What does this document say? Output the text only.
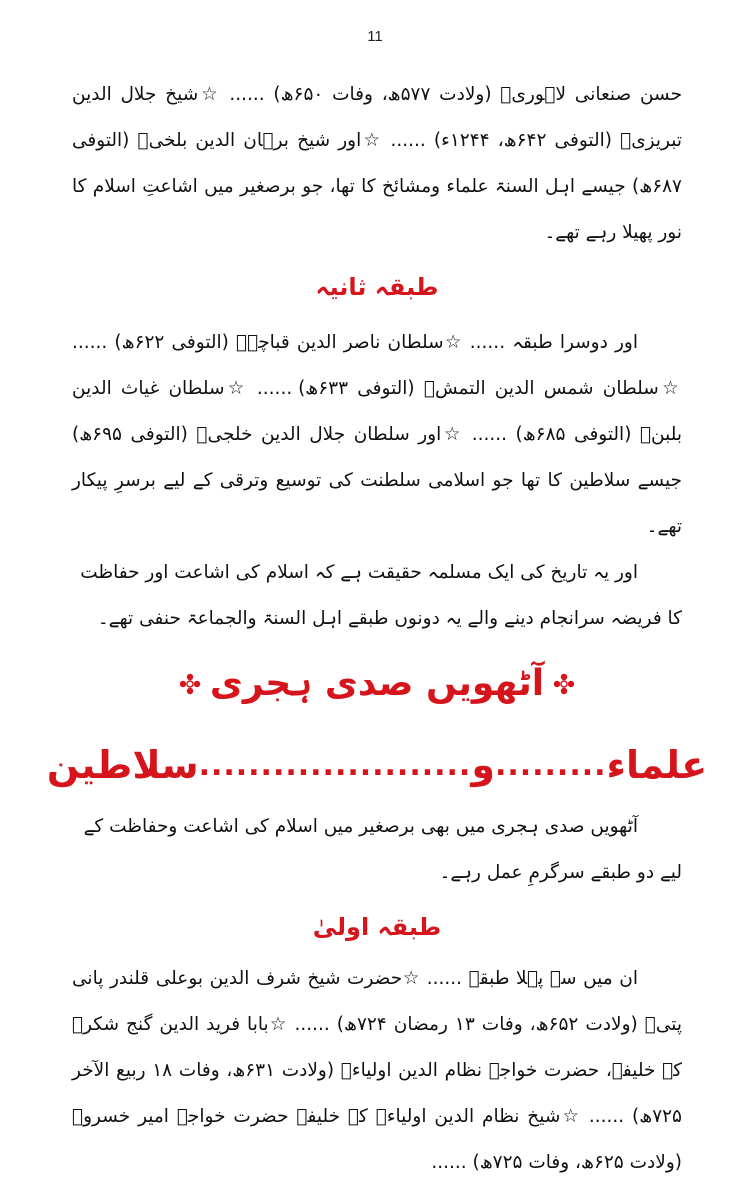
11

حسن صنعانی لاہوریؒ (ولادت ۵۷۷ھ، وفات ۶۵۰ھ) ...... ☆شیخ جلال الدین تبریزیؒ (التوفی ۶۴۲ھ، ۱۲۴۴ء) ...... ☆اور شیخ برہان الدین بلخیؒ (التوفی ۶۸۷ھ) جیسے اہل السنۃ علماء ومشائخ کا تھا، جو برصغیر میں اشاعتِ اسلام کا نور پھیلا رہے تھے۔

طبقہ ثانیہ

اور دوسرا طبقہ ...... ☆سلطان ناصر الدین قباچہؒ (التوفی ۶۲۲ھ) ...... ☆سلطان شمس الدین التمشؒ (التوفی ۶۳۳ھ) ...... ☆سلطان غیاث الدین بلبنؒ (التوفی ۶۸۵ھ) ...... ☆اور سلطان جلال الدین خلجیؒ (التوفی ۶۹۵ھ) جیسے سلاطین کا تھا جو اسلامی سلطنت کی توسیع وترقی کے لیے برسرِ پیکار تھے۔

اور یہ تاریخ کی ایک مسلمہ حقیقت ہے کہ اسلام کی اشاعت اور حفاظت کا فریضہ سرانجام دینے والے یہ دونوں طبقے اہل السنۃ والجماعۃ حنفی تھے۔

آٹھویں صدی ہجری
علماء
.........
و
......................
سلاطین

آٹھویں صدی ہجری میں بھی برصغیر میں اسلام کی اشاعت وحفاظت کے لیے دو طبقے سرگرمِ عمل رہے۔

طبقہ اولیٰ

ان میں سے پہلا طبقہ ...... ☆حضرت شیخ شرف الدین بوعلی قلندر پانی پتیؒ (ولادت ۶۵۲ھ، وفات ۱۳ رمضان ۷۲۴ھ) ...... ☆بابا فرید الدین گنج شکرؒ کے خلیفہ، حضرت خواجہ نظام الدین اولیاءؒ (ولادت ۶۳۱ھ، وفات ۱۸ ربیع الآخر ۷۲۵ھ) ...... ☆شیخ نظام الدین اولیاءؒ کے خلیفہ حضرت خواجہ امیر خسروؒ (ولادت ۶۲۵ھ، وفات ۷۲۵ھ) ......
